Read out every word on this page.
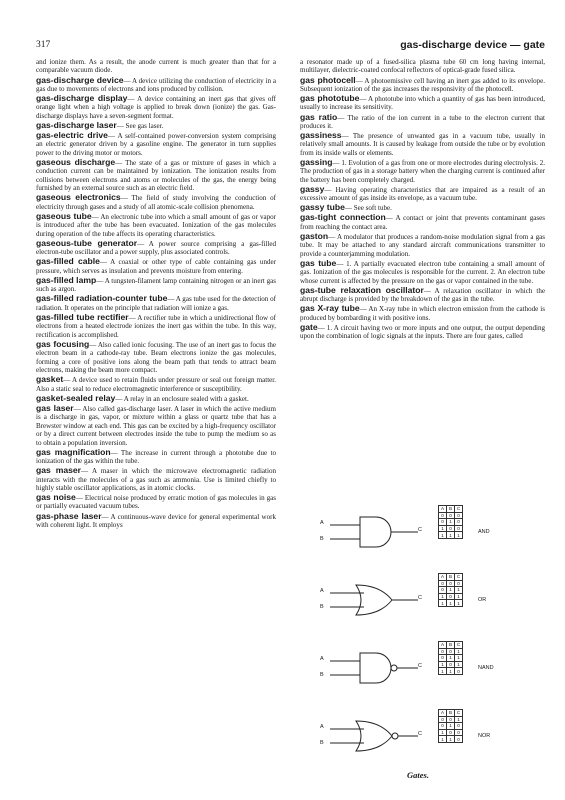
317	gas-discharge device — gate
and ionize them. As a result, the anode current is much greater than that for a comparable vacuum diode.
gas-discharge device— A device utilizing the conduction of electricity in a gas due to movements of electrons and ions produced by collision.
gas-discharge display— A device containing an inert gas that gives off orange light when a high voltage is applied to break down (ionize) the gas. Gas-discharge displays have a seven-segment format.
gas-discharge laser— See gas laser.
gas-electric drive— A self-contained power-conversion system comprising an electric generator driven by a gasoline engine. The generator in turn supplies power to the driving motor or motors.
gaseous discharge— The state of a gas or mixture of gases in which a conduction current can be maintained by ionization. The ionization results from collisions between electrons and atoms or molecules of the gas, the energy being furnished by an external source such as an electric field.
gaseous electronics— The field of study involving the conduction of electricity through gases and a study of all atomic-scale collision phenomena.
gaseous tube— An electronic tube into which a small amount of gas or vapor is introduced after the tube has been evacuated. Ionization of the gas molecules during operation of the tube affects its operating characteristics.
gaseous-tube generator— A power source comprising a gas-filled electron-tube oscillator and a power supply, plus associated controls.
gas-filled cable— A coaxial or other type of cable containing gas under pressure, which serves as insulation and prevents moisture from entering.
gas-filled lamp— A tungsten-filament lamp containing nitrogen or an inert gas such as argon.
gas-filled radiation-counter tube— A gas tube used for the detection of radiation. It operates on the principle that radiation will ionize a gas.
gas-filled tube rectifier— A rectifier tube in which a unidirectional flow of electrons from a heated electrode ionizes the inert gas within the tube. In this way, rectification is accomplished.
gas focusing— Also called ionic focusing. The use of an inert gas to focus the electron beam in a cathode-ray tube. Beam electrons ionize the gas molecules, forming a core of positive ions along the beam path that tends to attract beam electrons, making the beam more compact.
gasket— A device used to retain fluids under pressure or seal out foreign matter. Also a static seal to reduce electromagnetic interference or susceptibility.
gasket-sealed relay— A relay in an enclosure sealed with a gasket.
gas laser— Also called gas-discharge laser. A laser in which the active medium is a discharge in gas, vapor, or mixture within a glass or quartz tube that has a Brewster window at each end. This gas can be excited by a high-frequency oscillator or by a direct current between electrodes inside the tube to pump the medium so as to obtain a population inversion.
gas magnification— The increase in current through a phototube due to ionization of the gas within the tube.
gas maser— A maser in which the microwave electromagnetic radiation interacts with the molecules of a gas such as ammonia. Use is limited chiefly to highly stable oscillator applications, as in atomic clocks.
gas noise— Electrical noise produced by erratic motion of gas molecules in gas or partially evacuated vacuum tubes.
gas-phase laser— A continuous-wave device for general experimental work with coherent light. It employs
a resonator made up of a fused-silica plasma tube 60 cm long having internal, multilayer, dielectric-coated confocal reflectors of optical-grade fused silica.
gas photocell— A photoemissive cell having an inert gas added to its envelope. Subsequent ionization of the gas increases the responsivity of the photocell.
gas phototube— A phototube into which a quantity of gas has been introduced, usually to increase its sensitivity.
gas ratio— The ratio of the ion current in a tube to the electron current that produces it.
gassiness— The presence of unwanted gas in a vacuum tube, usually in relatively small amounts. It is caused by leakage from outside the tube or by evolution from its inside walls or elements.
gassing— 1. Evolution of a gas from one or more electrodes during electrolysis. 2. The production of gas in a storage battery when the charging current is continued after the battery has been completely charged.
gassy— Having operating characteristics that are impaired as a result of an excessive amount of gas inside its envelope, as a vacuum tube.
gassy tube— See soft tube.
gas-tight connection— A contact or joint that prevents contaminant gases from reaching the contact area.
gaston— A modulator that produces a random-noise modulation signal from a gas tube. It may be attached to any standard aircraft communications transmitter to provide a counterjamming modulation.
gas tube— 1. A partially evacuated electron tube containing a small amount of gas. Ionization of the gas molecules is responsible for the current. 2. An electron tube whose current is affected by the pressure on the gas or vapor contained in the tube.
gas-tube relaxation oscillator— A relaxation oscillator in which the abrupt discharge is provided by the breakdown of the gas in the tube.
gas X-ray tube— An X-ray tube in which electron emission from the cathode is produced by bombarding it with positive ions.
gate— 1. A circuit having two or more inputs and one output, the output depending upon the combination of logic signals at the inputs. There are four gates, called
A
B
C
A	B	C
0	0	0
0	1	0
1	0	0
1	1	1
AND
A
B
C
A	B	C
0	0	0
0	1	1
1	0	1
1	1	1
OR
A
B
C
A	B	C
0	0	1
0	1	1
1	0	1
1	1	0
NAND
A
B
C
A	B	C
0	0	1
0	1	0
1	0	0
1	1	0
NOR
Gates.
